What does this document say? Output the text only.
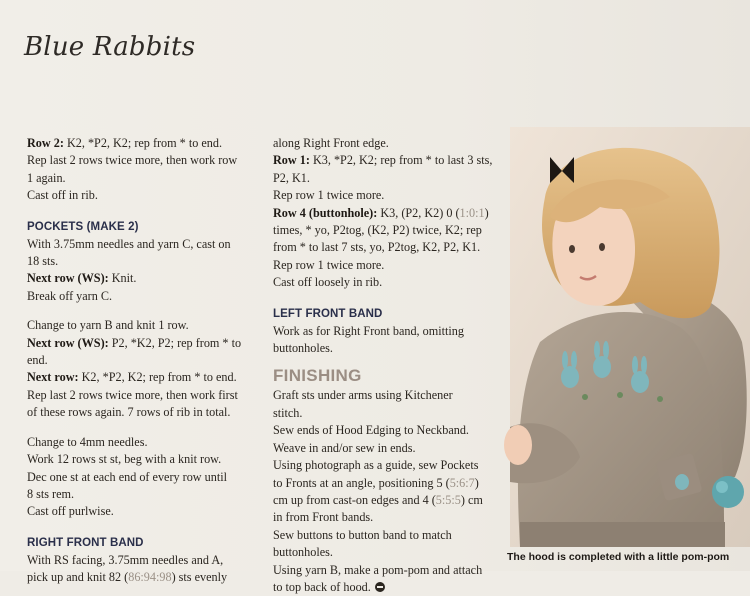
Blue Rabbits
Row 2: K2, *P2, K2; rep from * to end.
Rep last 2 rows twice more, then work row
1 again.
Cast off in rib.
POCKETS (MAKE 2)
With 3.75mm needles and yarn C, cast on
18 sts.
Next row (WS): Knit.
Break off yarn C.
Change to yarn B and knit 1 row.
Next row (WS): P2, *K2, P2; rep from * to
end.
Next row: K2, *P2, K2; rep from * to end.
Rep last 2 rows twice more, then work first
of these rows again. 7 rows of rib in total.
Change to 4mm needles.
Work 12 rows st st, beg with a knit row.
Dec one st at each end of every row until
8 sts rem.
Cast off purlwise.
RIGHT FRONT BAND
With RS facing, 3.75mm needles and A,
pick up and knit 82 (86:94:98) sts evenly
along Right Front edge.
Row 1: K3, *P2, K2; rep from * to last 3 sts,
P2, K1.
Rep row 1 twice more.
Row 4 (buttonhole): K3, (P2, K2) 0 (1:0:1)
times, * yo, P2tog, (K2, P2) twice, K2; rep
from * to last 7 sts, yo, P2tog, K2, P2, K1.
Rep row 1 twice more.
Cast off loosely in rib.
LEFT FRONT BAND
Work as for Right Front band, omitting
buttonholes.
FINISHING
Graft sts under arms using Kitchener
stitch.
Sew ends of Hood Edging to Neckband.
Weave in and/or sew in ends.
Using photograph as a guide, sew Pockets
to Fronts at an angle, positioning 5 (5:6:7)
cm up from cast-on edges and 4 (5:5:5) cm
in from Front bands.
Sew buttons to button band to match
buttonholes.
Using yarn B, make a pom-pom and attach
to top back of hood.
The hood is completed with a little pom-pom
